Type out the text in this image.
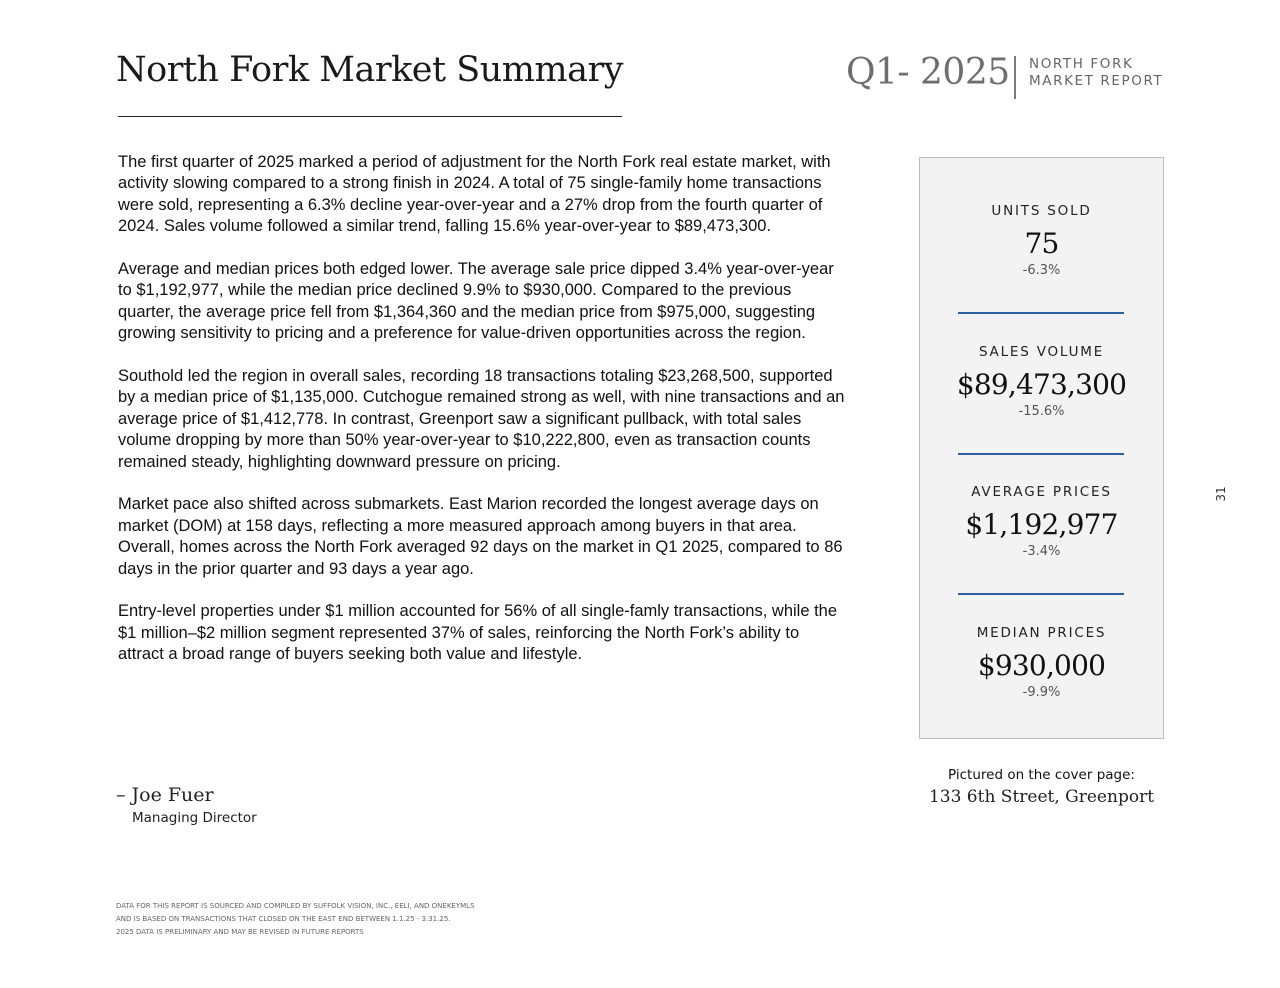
North Fork Market Summary	Q1- 2025 NORTH FORK
MARKET REPORT

The first quarter of 2025 marked a period of adjustment for the North Fork real estate market, with activity slowing compared to a strong finish in 2024. A total of 75 single-family home transactions were sold, representing a 6.3% decline year-over-year and a 27% drop from the fourth quarter of 2024. Sales volume followed a similar trend, falling 15.6% year-over-year to $89,473,300.

Average and median prices both edged lower. The average sale price dipped 3.4% year-over-year to $1,192,977, while the median price declined 9.9% to $930,000. Compared to the previous quarter, the average price fell from $1,364,360 and the median price from $975,000, suggesting growing sensitivity to pricing and a preference for value-driven opportunities across the region.

Southold led the region in overall sales, recording 18 transactions totaling $23,268,500, supported by a median price of $1,135,000. Cutchogue remained strong as well, with nine transactions and an average price of $1,412,778. In contrast, Greenport saw a significant pullback, with total sales volume dropping by more than 50% year-over-year to $10,222,800, even as transaction counts remained steady, highlighting downward pressure on pricing.

Market pace also shifted across submarkets. East Marion recorded the longest average days on market (DOM) at 158 days, reflecting a more measured approach among buyers in that area. Overall, homes across the North Fork averaged 92 days on the market in Q1 2025, compared to 86 days in the prior quarter and 93 days a year ago.

Entry-level properties under $1 million accounted for 56% of all single-famly transactions, while the $1 million–$2 million segment represented 37% of sales, reinforcing the North Fork’s ability to attract a broad range of buyers seeking both value and lifestyle.

– Joe Fuer
Managing Director
DATA FOR THIS REPORT IS SOURCED AND COMPILED BY SUFFOLK VISION, INC., EELI, AND ONEKEYMLS
AND IS BASED ON TRANSACTIONS THAT CLOSED ON THE EAST END BETWEEN 1.1.25 - 3.31.25.
2025 DATA IS PRELIMINARY AND MAY BE REVISED IN FUTURE REPORTS
UNITS SOLD
75
-6.3%
SALES VOLUME
$89,473,300
-15.6%
AVERAGE PRICES
$1,192,977
-3.4%
MEDIAN PRICES
$930,000
-9.9%
Pictured on the cover page:
133 6th Street, Greenport
31
